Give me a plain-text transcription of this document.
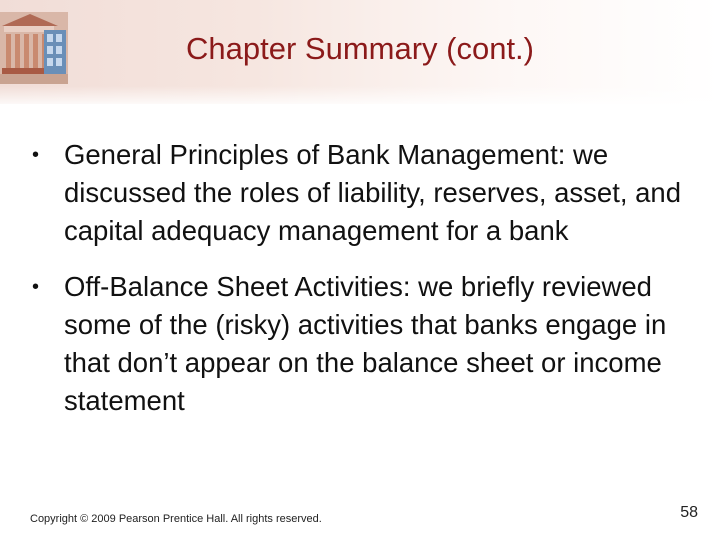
Chapter Summary (cont.)
• General Principles of Bank Management: we discussed the roles of liability, reserves, asset, and capital adequacy management for a bank
• Off-Balance Sheet Activities: we briefly reviewed some of the (risky) activities that banks engage in that don’t appear on the balance sheet or income statement
Copyright © 2009 Pearson Prentice Hall. All rights reserved.	58
